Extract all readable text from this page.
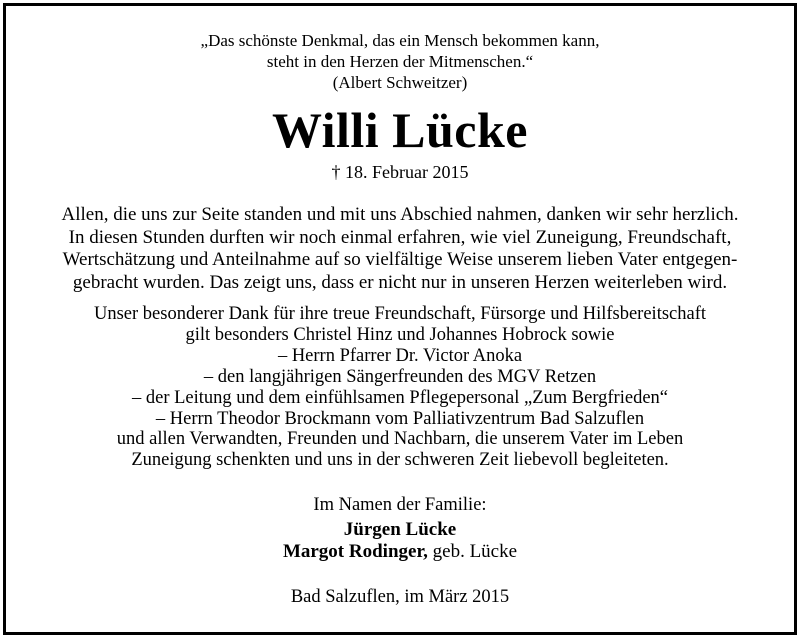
„Das schönste Denkmal, das ein Mensch bekommen kann,
steht in den Herzen der Mitmenschen.“
(Albert Schweitzer)
Willi Lücke
† 18. Februar 2015
Allen, die uns zur Seite standen und mit uns Abschied nahmen, danken wir sehr herzlich.
In diesen Stunden durften wir noch einmal erfahren, wie viel Zuneigung, Freundschaft,
Wertschätzung und Anteilnahme auf so vielfältige Weise unserem lieben Vater entgegen-
gebracht wurden. Das zeigt uns, dass er nicht nur in unseren Herzen weiterleben wird.
Unser besonderer Dank für ihre treue Freundschaft, Fürsorge und Hilfsbereitschaft
gilt besonders Christel Hinz und Johannes Hobrock sowie
– Herrn Pfarrer Dr. Victor Anoka
– den langjährigen Sängerfreunden des MGV Retzen
– der Leitung und dem einfühlsamen Pflegepersonal „Zum Bergfrieden“
– Herrn Theodor Brockmann vom Palliativzentrum Bad Salzuflen
und allen Verwandten, Freunden und Nachbarn, die unserem Vater im Leben
Zuneigung schenkten und uns in der schweren Zeit liebevoll begleiteten.
Im Namen der Familie:
Jürgen Lücke
Margot Rodinger, geb. Lücke
Bad Salzuflen, im März 2015
